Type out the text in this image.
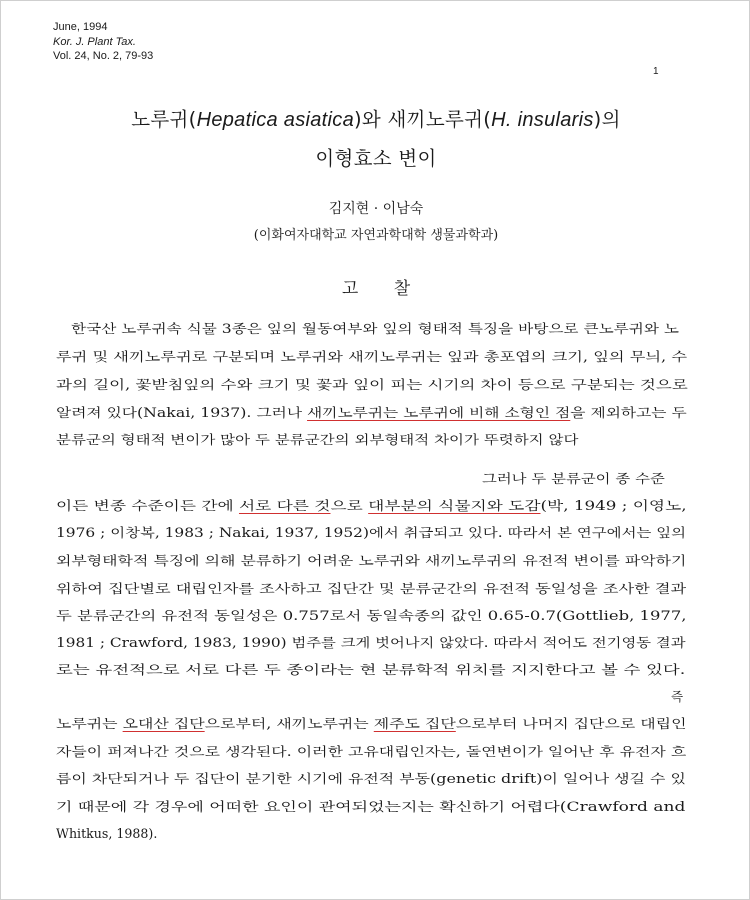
June, 1994
Kor. J. Plant Tax.
Vol. 24, No. 2, 79-93
1
노루귀(Hepatica asiatica)와 새끼노루귀(H. insularis)의
이형효소 변이
김지현 · 이남숙
(이화여자대학교 자연과학대학 생물과학과)
고 찰
한국산 노루귀속 식물 3종은 잎의 월동여부와 잎의 형태적 특징을 바탕으로 큰노루귀와 노
루귀 및 새끼노루귀로 구분되며 노루귀와 새끼노루귀는 잎과 총포엽의 크기, 잎의 무늬, 수
과의 길이, 꽃받침잎의 수와 크기 및 꽃과 잎이 피는 시기의 차이 등으로 구분되는 것으로
알려져 있다(Nakai, 1937). 그러나 새끼노루귀는 노루귀에 비해 소형인 점을 제외하고는 두
분류군의 형태적 변이가 많아 두 분류군간의 외부형태적 차이가 뚜렷하지 않다
그러나 두 분류군이 종 수준
이든 변종 수준이든 간에 서로 다른 것으로 대부분의 식물지와 도감(박, 1949 ; 이영노,
1976 ; 이창복, 1983 ; Nakai, 1937, 1952)에서 취급되고 있다. 따라서 본 연구에서는 잎의
외부형태학적 특징에 의해 분류하기 어려운 노루귀와 새끼노루귀의 유전적 변이를 파악하기
위하여 집단별로 대립인자를 조사하고 집단간 및 분류군간의 유전적 동일성을 조사한 결과
두 분류군간의 유전적 동일성은 0.757로서 동일속종의 값인 0.65-0.7(Gottlieb, 1977,
1981 ; Crawford, 1983, 1990) 범주를 크게 벗어나지 않았다. 따라서 적어도 전기영동 결과
로는 유전적으로 서로 다른 두 종이라는 현 분류학적 위치를 지지한다고 볼 수 있다.
즉
노루귀는 오대산 집단으로부터, 새끼노루귀는 제주도 집단으로부터 나머지 집단으로 대립인
자들이 퍼져나간 것으로 생각된다. 이러한 고유대립인자는, 돌연변이가 일어난 후 유전자 흐
름이 차단되거나 두 집단이 분기한 시기에 유전적 부동(genetic drift)이 일어나 생길 수 있
기 때문에 각 경우에 어떠한 요인이 관여되었는지는 확신하기 어렵다(Crawford and
Whitkus, 1988).
